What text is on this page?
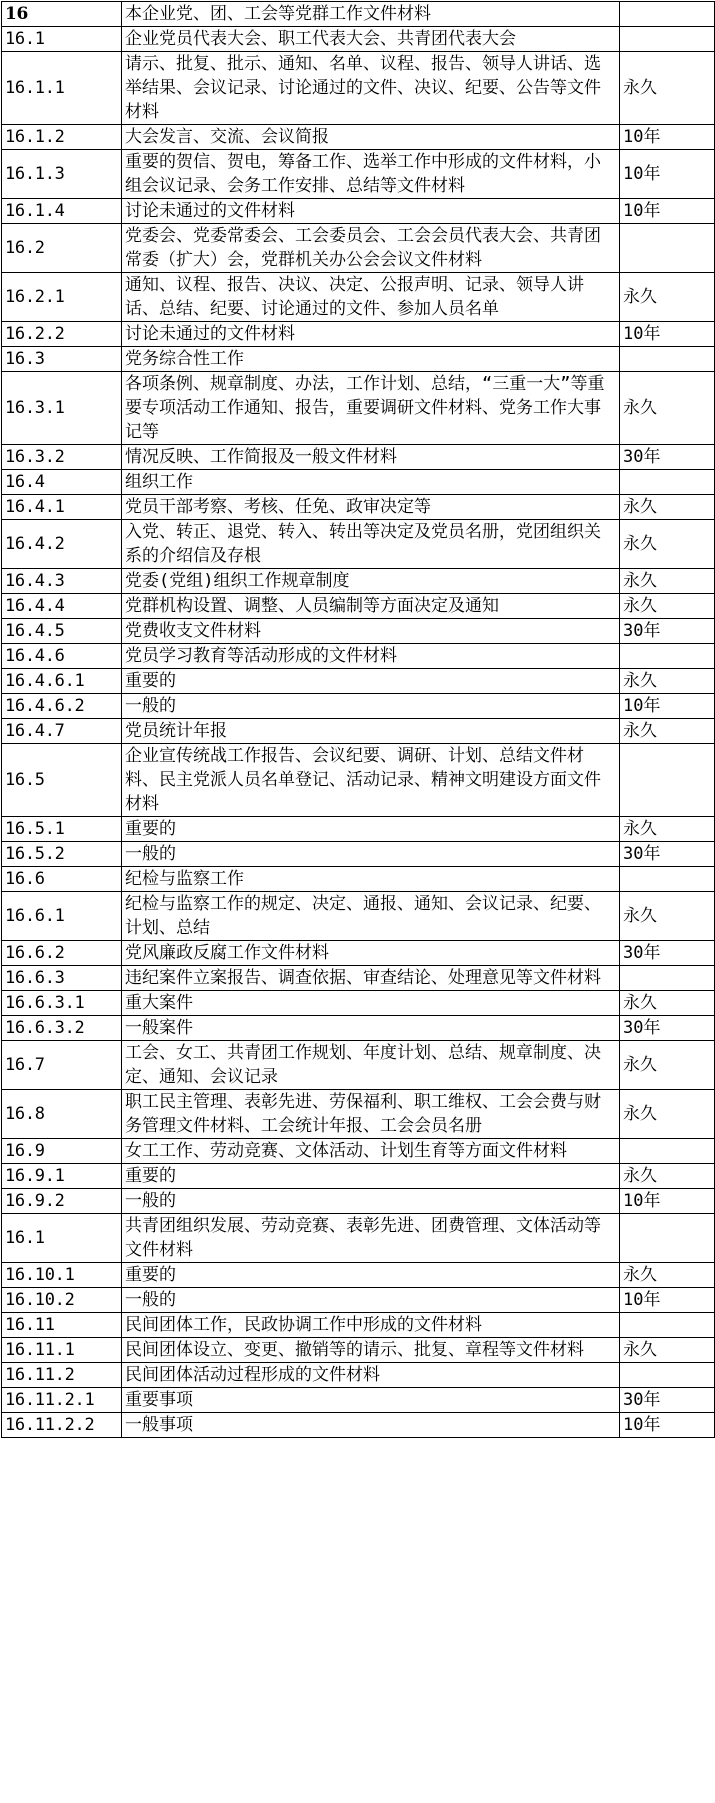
16	本企业党、团、工会等党群工作文件材料	
16.1	企业党员代表大会、职工代表大会、共青团代表大会	
16.1.1	请示、批复、批示、通知、名单、议程、报告、领导人讲话、选举结果、会议记录、讨论通过的文件、决议、纪要、公告等文件材料	永久
16.1.2	大会发言、交流、会议简报	10年
16.1.3	重要的贺信、贺电，筹备工作、选举工作中形成的文件材料，小组会议记录、会务工作安排、总结等文件材料	10年
16.1.4	讨论未通过的文件材料	10年
16.2	党委会、党委常委会、工会委员会、工会会员代表大会、共青团常委（扩大）会，党群机关办公会会议文件材料	
16.2.1	通知、议程、报告、决议、决定、公报声明、记录、领导人讲话、总结、纪要、讨论通过的文件、参加人员名单	永久
16.2.2	讨论未通过的文件材料	10年
16.3	党务综合性工作	
16.3.1	各项条例、规章制度、办法，工作计划、总结，“三重一大”等重要专项活动工作通知、报告，重要调研文件材料、党务工作大事记等	永久
16.3.2	情况反映、工作简报及一般文件材料	30年
16.4	组织工作	
16.4.1	党员干部考察、考核、任免、政审决定等	永久
16.4.2	入党、转正、退党、转入、转出等决定及党员名册，党团组织关系的介绍信及存根	永久
16.4.3	党委(党组)组织工作规章制度	永久
16.4.4	党群机构设置、调整、人员编制等方面决定及通知	永久
16.4.5	党费收支文件材料	30年
16.4.6	党员学习教育等活动形成的文件材料	
16.4.6.1	重要的	永久
16.4.6.2	一般的	10年
16.4.7	党员统计年报	永久
16.5	企业宣传统战工作报告、会议纪要、调研、计划、总结文件材料、民主党派人员名单登记、活动记录、精神文明建设方面文件材料	
16.5.1	重要的	永久
16.5.2	一般的	30年
16.6	纪检与监察工作	
16.6.1	纪检与监察工作的规定、决定、通报、通知、会议记录、纪要、计划、总结	永久
16.6.2	党风廉政反腐工作文件材料	30年
16.6.3	违纪案件立案报告、调查依据、审查结论、处理意见等文件材料	
16.6.3.1	重大案件	永久
16.6.3.2	一般案件	30年
16.7	工会、女工、共青团工作规划、年度计划、总结、规章制度、决定、通知、会议记录	永久
16.8	职工民主管理、表彰先进、劳保福利、职工维权、工会会费与财务管理文件材料、工会统计年报、工会会员名册	永久
16.9	女工工作、劳动竞赛、文体活动、计划生育等方面文件材料	
16.9.1	重要的	永久
16.9.2	一般的	10年
16.1	共青团组织发展、劳动竞赛、表彰先进、团费管理、文体活动等文件材料	
16.10.1	重要的	永久
16.10.2	一般的	10年
16.11	民间团体工作，民政协调工作中形成的文件材料	
16.11.1	民间团体设立、变更、撤销等的请示、批复、章程等文件材料	永久
16.11.2	民间团体活动过程形成的文件材料	
16.11.2.1	重要事项	30年
16.11.2.2	一般事项	10年
